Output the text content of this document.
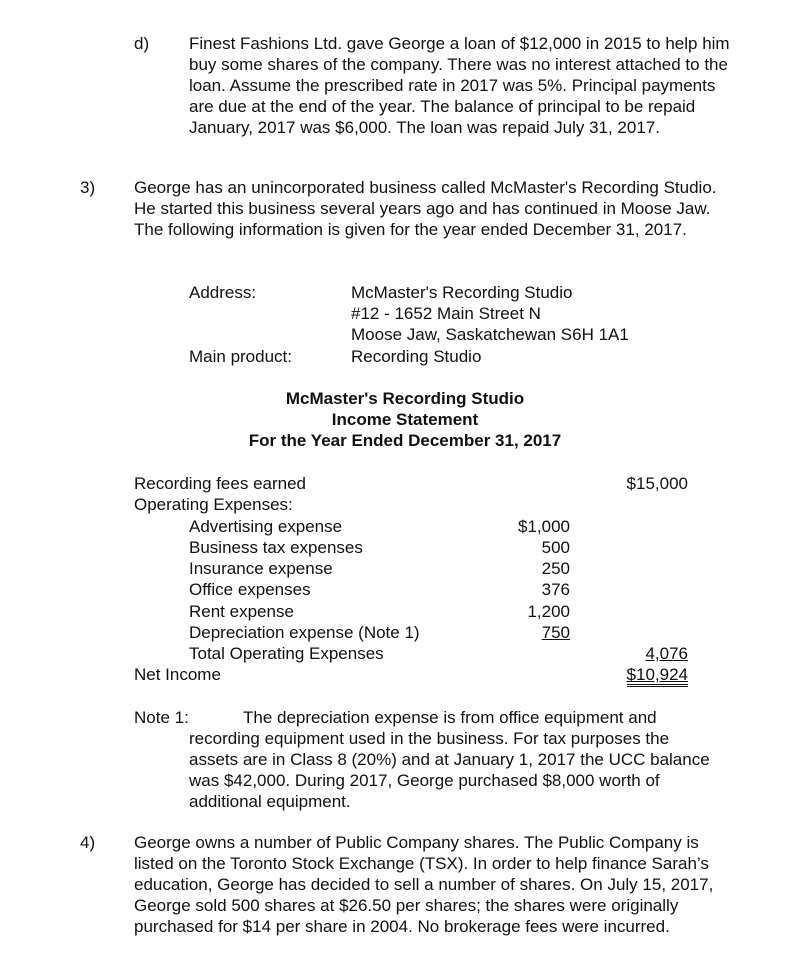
d) Finest Fashions Ltd. gave George a loan of $12,000 in 2015 to help him buy some shares of the company. There was no interest attached to the loan. Assume the prescribed rate in 2017 was 5%. Principal payments are due at the end of the year. The balance of principal to be repaid January, 2017 was $6,000. The loan was repaid July 31, 2017.
3) George has an unincorporated business called McMaster's Recording Studio. He started this business several years ago and has continued in Moose Jaw. The following information is given for the year ended December 31, 2017.
Address:	McMaster's Recording Studio
#12 - 1652 Main Street N
Moose Jaw, Saskatchewan S6H 1A1
Main product:	Recording Studio
McMaster's Recording Studio
Income Statement
For the Year Ended December 31, 2017
Recording fees earned	$15,000
Operating Expenses:
Advertising expense	$1,000
Business tax expenses	500
Insurance expense	250
Office expenses	376
Rent expense	1,200
Depreciation expense (Note 1)	750
Total Operating Expenses	4,076
Net Income	$10,924
Note 1:	The depreciation expense is from office equipment and recording equipment used in the business. For tax purposes the assets are in Class 8 (20%) and at January 1, 2017 the UCC balance was $42,000. During 2017, George purchased $8,000 worth of additional equipment.
4) George owns a number of Public Company shares. The Public Company is listed on the Toronto Stock Exchange (TSX). In order to help finance Sarah’s education, George has decided to sell a number of shares. On July 15, 2017, George sold 500 shares at $26.50 per shares; the shares were originally purchased for $14 per share in 2004. No brokerage fees were incurred.
